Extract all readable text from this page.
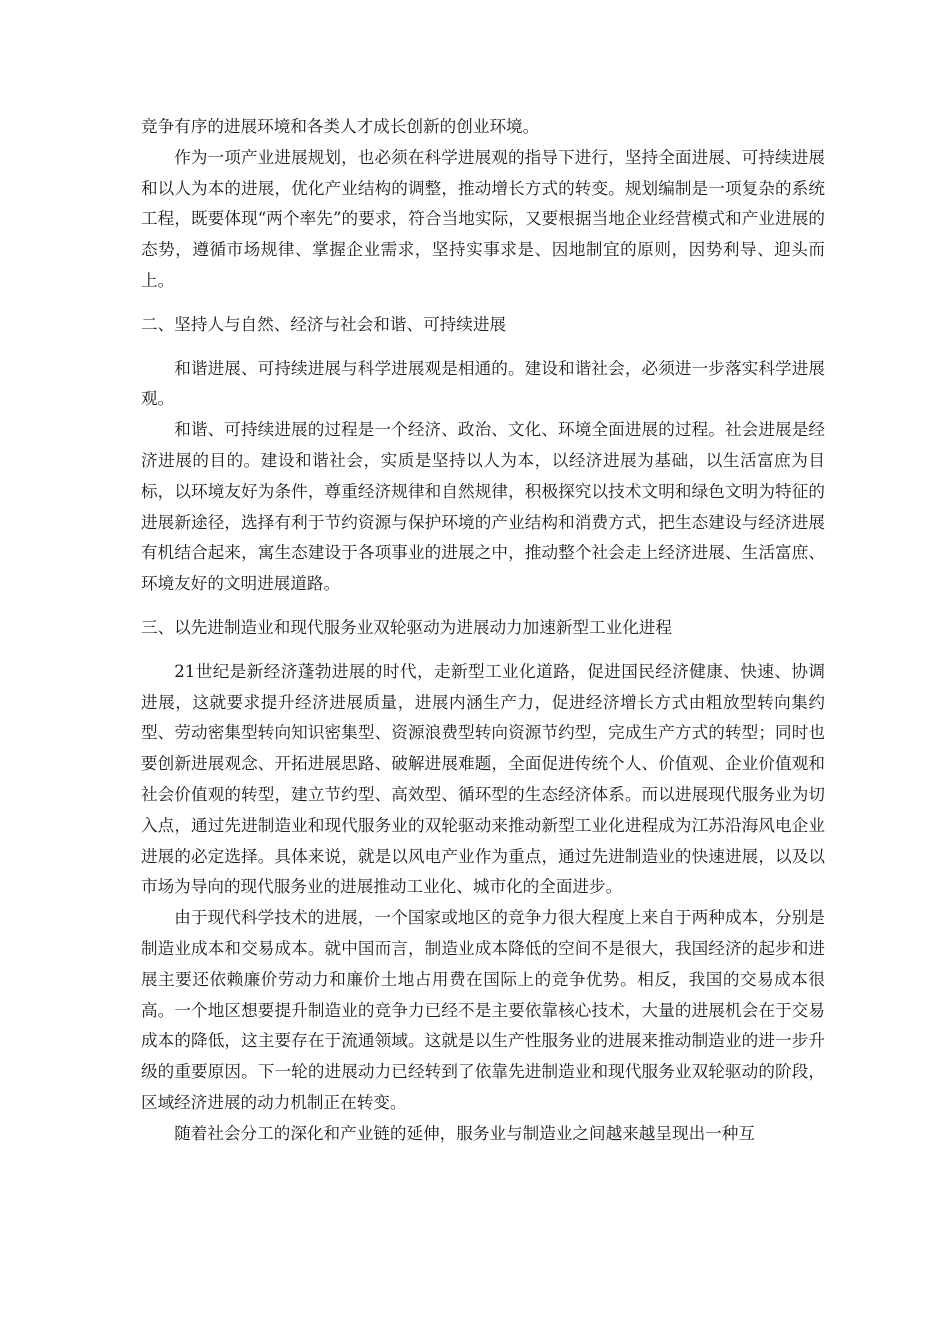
竞争有序的进展环境和各类人才成长创新的创业环境。

作为一项产业进展规划，也必须在科学进展观的指导下进行，坚持全面进展、可持续进展和以人为本的进展，优化产业结构的调整，推动增长方式的转变。规划编制是一项复杂的系统工程，既要体现“两个率先”的要求，符合当地实际，又要根据当地企业经营模式和产业进展的态势，遵循市场规律、掌握企业需求，坚持实事求是、因地制宜的原则，因势利导、迎头而上。

二、坚持人与自然、经济与社会和谐、可持续进展

和谐进展、可持续进展与科学进展观是相通的。建设和谐社会，必须进一步落实科学进展观。

和谐、可持续进展的过程是一个经济、政治、文化、环境全面进展的过程。社会进展是经济进展的目的。建设和谐社会，实质是坚持以人为本，以经济进展为基础，以生活富庶为目标，以环境友好为条件，尊重经济规律和自然规律，积极探究以技术文明和绿色文明为特征的进展新途径，选择有利于节约资源与保护环境的产业结构和消费方式，把生态建设与经济进展有机结合起来，寓生态建设于各项事业的进展之中，推动整个社会走上经济进展、生活富庶、环境友好的文明进展道路。

三、以先进制造业和现代服务业双轮驱动为进展动力加速新型工业化进程

21世纪是新经济蓬勃进展的时代，走新型工业化道路，促进国民经济健康、快速、协调进展，这就要求提升经济进展质量，进展内涵生产力，促进经济增长方式由粗放型转向集约型、劳动密集型转向知识密集型、资源浪费型转向资源节约型，完成生产方式的转型；同时也要创新进展观念、开拓进展思路、破解进展难题，全面促进传统个人、价值观、企业价值观和社会价值观的转型，建立节约型、高效型、循环型的生态经济体系。而以进展现代服务业为切入点，通过先进制造业和现代服务业的双轮驱动来推动新型工业化进程成为江苏沿海风电企业进展的必定选择。具体来说，就是以风电产业作为重点，通过先进制造业的快速进展，以及以市场为导向的现代服务业的进展推动工业化、城市化的全面进步。

由于现代科学技术的进展，一个国家或地区的竞争力很大程度上来自于两种成本，分别是制造业成本和交易成本。就中国而言，制造业成本降低的空间不是很大，我国经济的起步和进展主要还依赖廉价劳动力和廉价土地占用费在国际上的竞争优势。相反，我国的交易成本很高。一个地区想要提升制造业的竞争力已经不是主要依靠核心技术，大量的进展机会在于交易成本的降低，这主要存在于流通领域。这就是以生产性服务业的进展来推动制造业的进一步升级的重要原因。下一轮的进展动力已经转到了依靠先进制造业和现代服务业双轮驱动的阶段，区域经济进展的动力机制正在转变。

随着社会分工的深化和产业链的延伸，服务业与制造业之间越来越呈现出一种互
